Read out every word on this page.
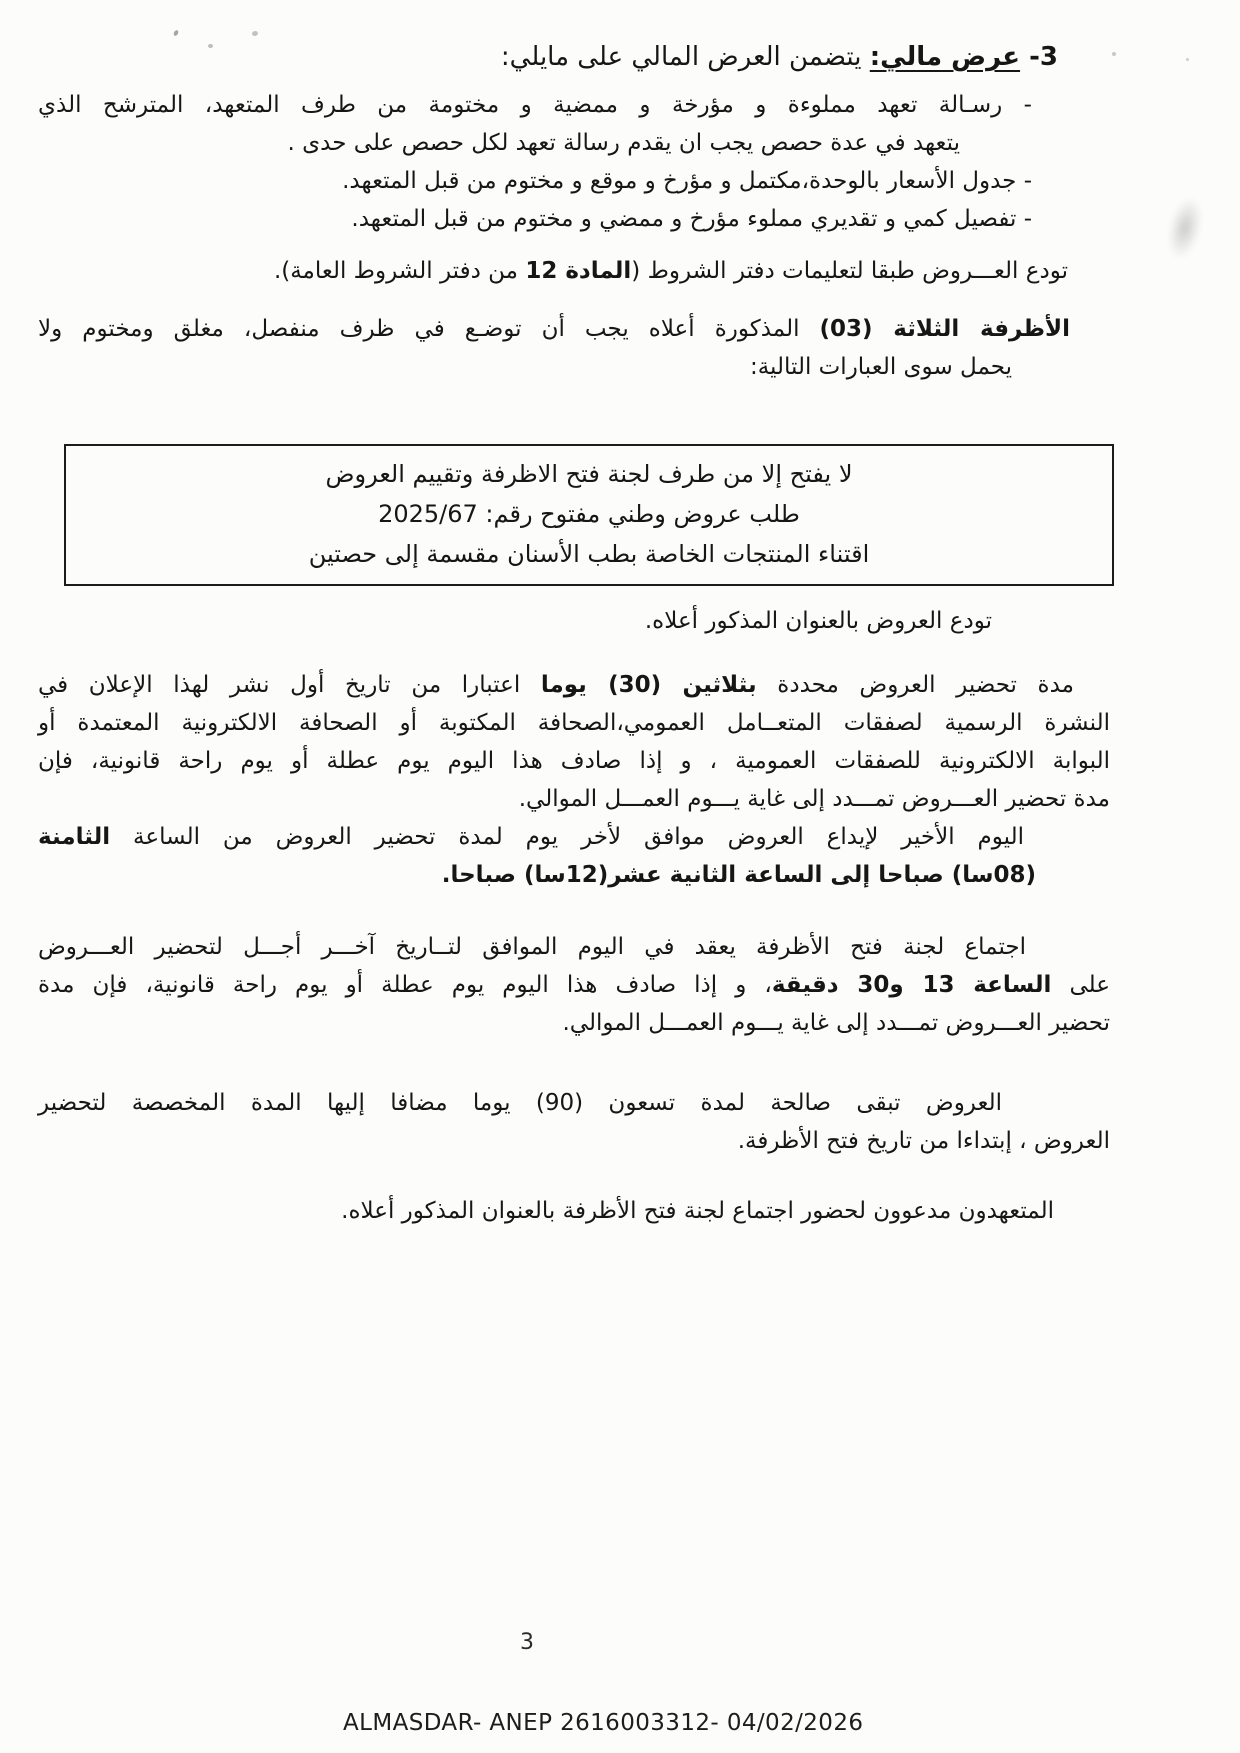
3- عرض مالي: يتضمن العرض المالي على مايلي:
- رسـالة تعهد مملوءة و مؤرخة و ممضية و مختومة من طرف المتعهد، المترشح الذي
يتعهد في عدة حصص يجب ان يقدم رسالة تعهد لكل حصص على حدى .
- جدول الأسعار بالوحدة،مكتمل و مؤرخ و موقع و مختوم من قبل المتعهد.
- تفصيل كمي و تقديري مملوء مؤرخ و ممضي و مختوم من قبل المتعهد.
تودع العـــروض طبقا لتعليمات دفتر الشروط (المادة 12 من دفتر الشروط العامة).
الأظرفة الثلاثة (03) المذكورة أعلاه يجب أن توضـع في ظرف منفصل، مغلق ومختوم ولا
يحمل سوى العبارات التالية:
لا يفتح إلا من طرف لجنة فتح الاظرفة وتقييم العروض
طلب عروض وطني مفتوح رقم: 2025/67
اقتناء المنتجات الخاصة بطب الأسنان مقسمة إلى حصتين
تودع العروض بالعنوان المذكور أعلاه.
مدة تحضير العروض محددة بثلاثين (30) يوما اعتبارا من تاريخ أول نشر لهذا الإعلان في
النشرة الرسمية لصفقات المتعــامل العمومي،الصحافة المكتوبة أو الصحافة الالكترونية المعتمدة أو
البوابة الالكترونية للصفقات العمومية ، و إذا صادف هذا اليوم يوم عطلة أو يوم راحة قانونية، فإن
مدة تحضير العـــروض تمـــدد إلى غاية يـــوم العمـــل الموالي.
اليوم الأخير لإيداع العروض موافق لأخر يوم لمدة تحضير العروض من الساعة الثامنة
(08سا) صباحا إلى الساعة الثانية عشر(12سا) صباحا.
اجتماع لجنة فتح الأظرفة يعقد في اليوم الموافق لتــاريخ آخـــر أجـــل لتحضير العـــروض
على الساعة 13 و30 دقيقة، و إذا صادف هذا اليوم يوم عطلة أو يوم راحة قانونية، فإن مدة
تحضير العـــروض تمـــدد إلى غاية يـــوم العمـــل الموالي.
العروض تبقى صالحة لمدة تسعون (90) يوما مضافا إليها المدة المخصصة لتحضير
العروض ، إبتداءا من تاريخ فتح الأظرفة.
المتعهدون مدعوون لحضور اجتماع لجنة فتح الأظرفة بالعنوان المذكور أعلاه.
3
ALMASDAR- ANEP 2616003312- 04/02/2026
